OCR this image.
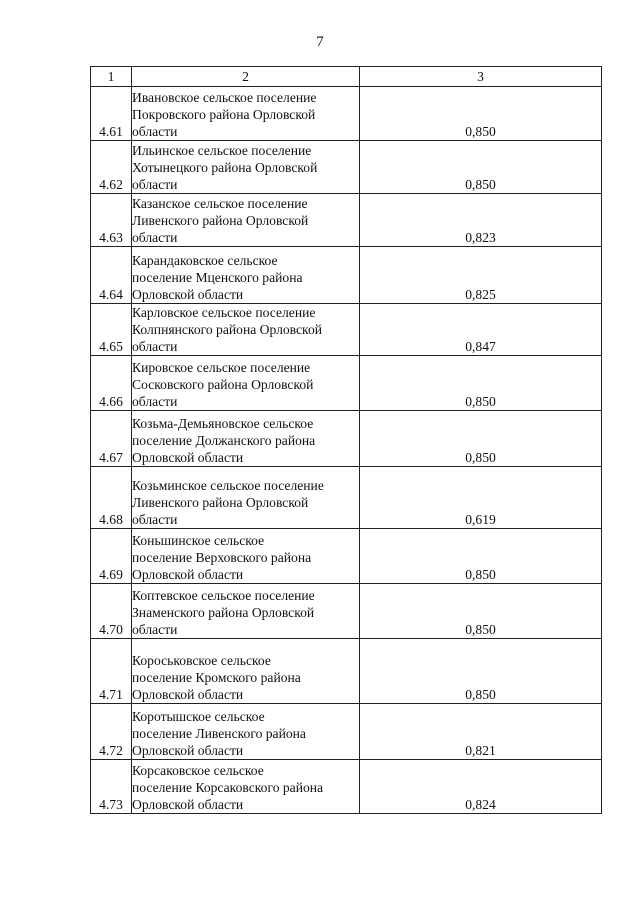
7
1	2	3
4.61	Ивановское сельское поселение
Покровского района Орловской
области	0,850
4.62	Ильинское сельское поселение
Хотынецкого района Орловской
области	0,850
4.63	Казанское сельское поселение
Ливенского района Орловской
области	0,823
4.64	Карандаковское сельское
поселение Мценского района
Орловской области	0,825
4.65	Карловское сельское поселение
Колпнянского района Орловской
области	0,847
4.66	Кировское сельское поселение
Сосковского района Орловской
области	0,850
4.67	Козьма-Демьяновское сельское
поселение Должанского района
Орловской области	0,850
4.68	Козьминское сельское поселение
Ливенского района Орловской
области	0,619
4.69	Коньшинское сельское
поселение Верховского района
Орловской области	0,850
4.70	Коптевское сельское поселение
Знаменского района Орловской
области	0,850
4.71	Короськовское сельское
поселение Кромского района
Орловской области	0,850
4.72	Коротышское сельское
поселение Ливенского района
Орловской области	0,821
4.73	Корсаковское сельское
поселение Корсаковского района
Орловской области	0,824
